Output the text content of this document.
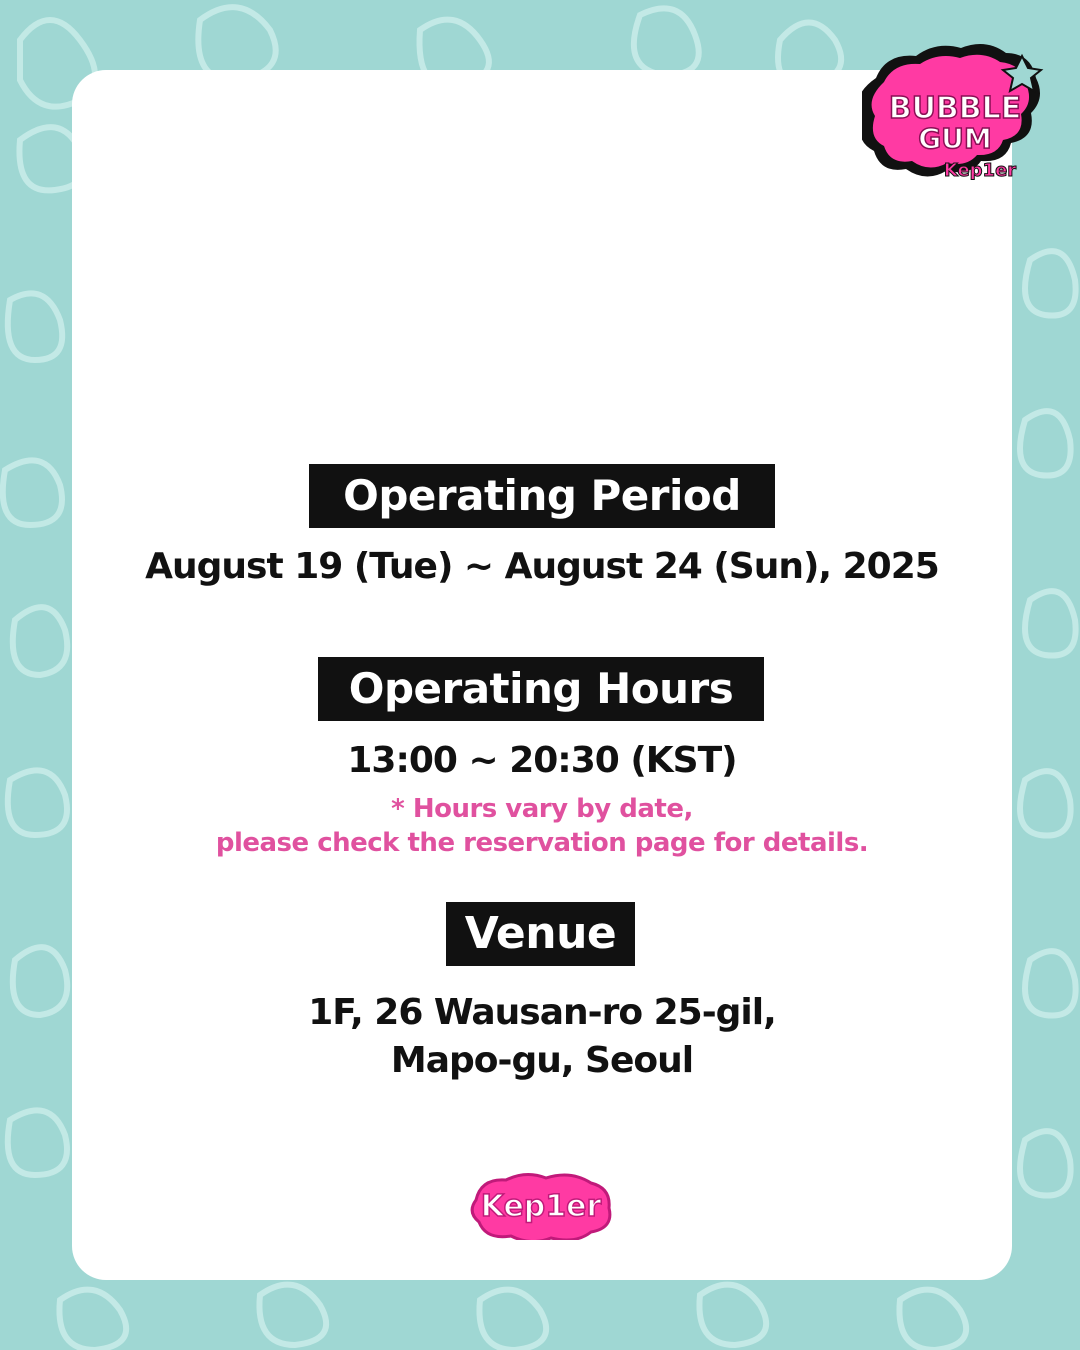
BUBBLE
GUM
Kep1er
Operating Period
August 19 (Tue) ~ August 24 (Sun), 2025
Operating Hours
13:00 ~ 20:30 (KST)
* Hours vary by date,
please check the reservation page for details.
Venue
1F, 26 Wausan-ro 25-gil,
Mapo-gu, Seoul
Kep1er
